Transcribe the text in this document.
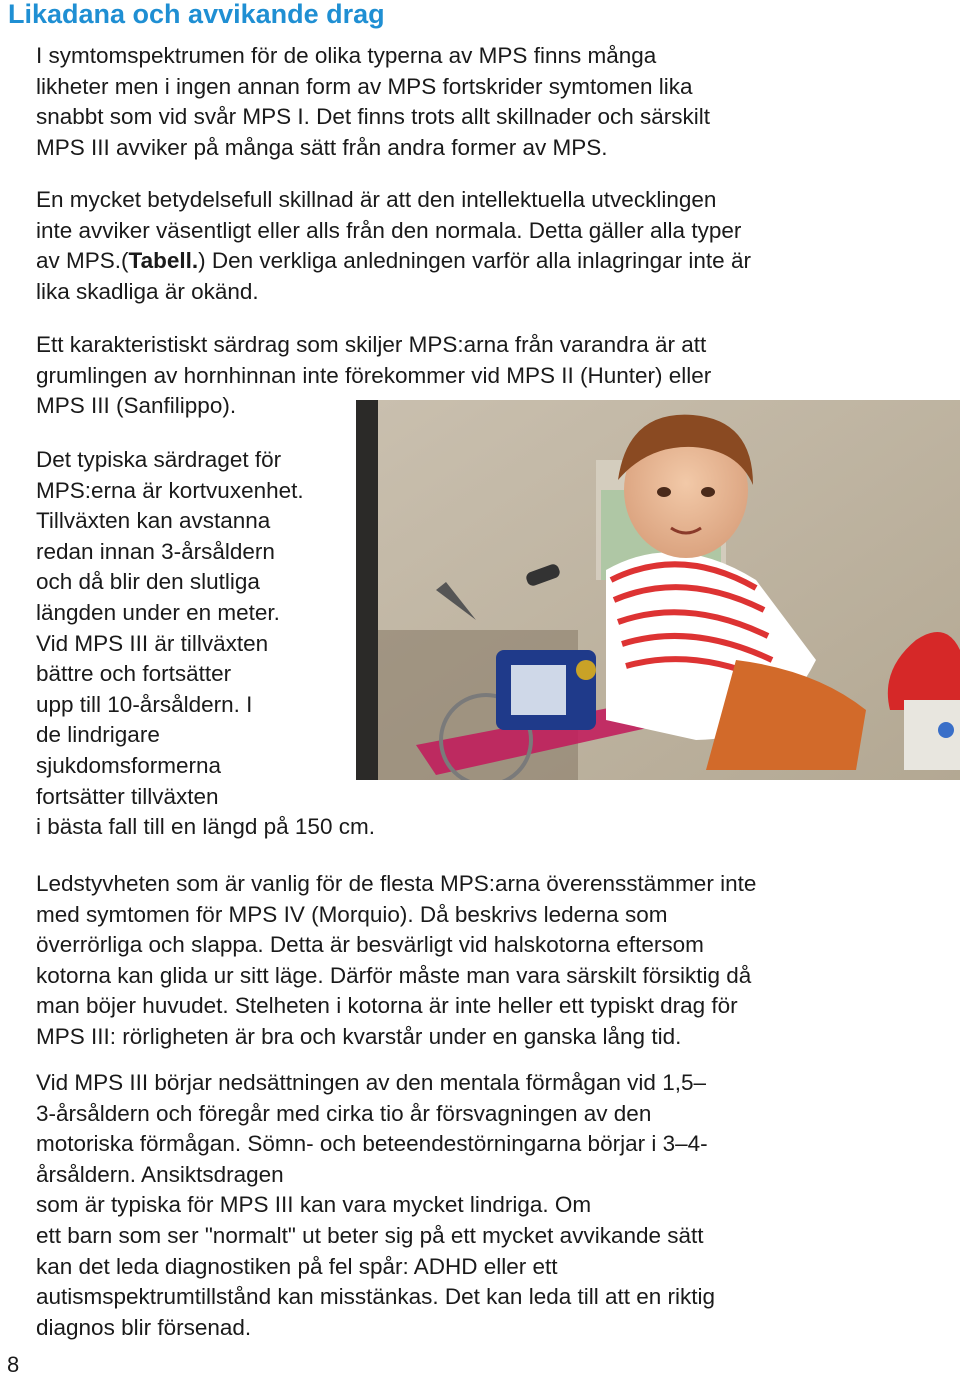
Likadana och avvikande drag

I symtomspektrumen för de olika typerna av MPS finns många
likheter men i ingen annan form av MPS fortskrider symtomen lika
snabbt som vid svår MPS I. Det finns trots allt skillnader och särskilt
MPS III avviker på många sätt från andra former av MPS.

En mycket betydelsefull skillnad är att den intellektuella utvecklingen
inte avviker väsentligt eller alls från den normala. Detta gäller alla typer
av MPS.(Tabell.) Den verkliga anledningen varför alla inlagringar inte är
lika skadliga är okänd.

Ett karakteristiskt särdrag som skiljer MPS:arna från varandra är att
grumlingen av hornhinnan inte förekommer vid MPS II (Hunter) eller
MPS III (Sanfilippo).

Det typiska särdraget för
MPS:erna är kortvuxenhet.
Tillväxten kan avstanna
redan innan 3-årsåldern
och då blir den slutliga
längden under en meter.
Vid MPS III är tillväxten
bättre och fortsätter
upp till 10-årsåldern. I
de lindrigare
sjukdomsformerna
fortsätter tillväxten
i bästa fall till en längd på 150 cm.

Ledstyvheten som är vanlig för de flesta MPS:arna överensstämmer inte
med symtomen för MPS IV (Morquio). Då beskrivs lederna som
överrörliga och slappa. Detta är besvärligt vid halskotorna eftersom
kotorna kan glida ur sitt läge. Därför måste man vara särskilt försiktig då
man böjer huvudet. Stelheten i kotorna är inte heller ett typiskt drag för
MPS III: rörligheten är bra och kvarstår under en ganska lång tid.

Vid MPS III börjar nedsättningen av den mentala förmågan vid 1,5–
3-årsåldern och föregår med cirka tio år försvagningen av den
motoriska förmågan. Sömn- och beteendestörningarna börjar i 3–4-
årsåldern. Ansiktsdragen
som är typiska för MPS III kan vara mycket lindriga. Om
ett barn som ser "normalt" ut beter sig på ett mycket avvikande sätt
kan det leda diagnostiken på fel spår: ADHD eller ett
autismspektrumtillstånd kan misstänkas. Det kan leda till att en riktig
diagnos blir försenad.

8
